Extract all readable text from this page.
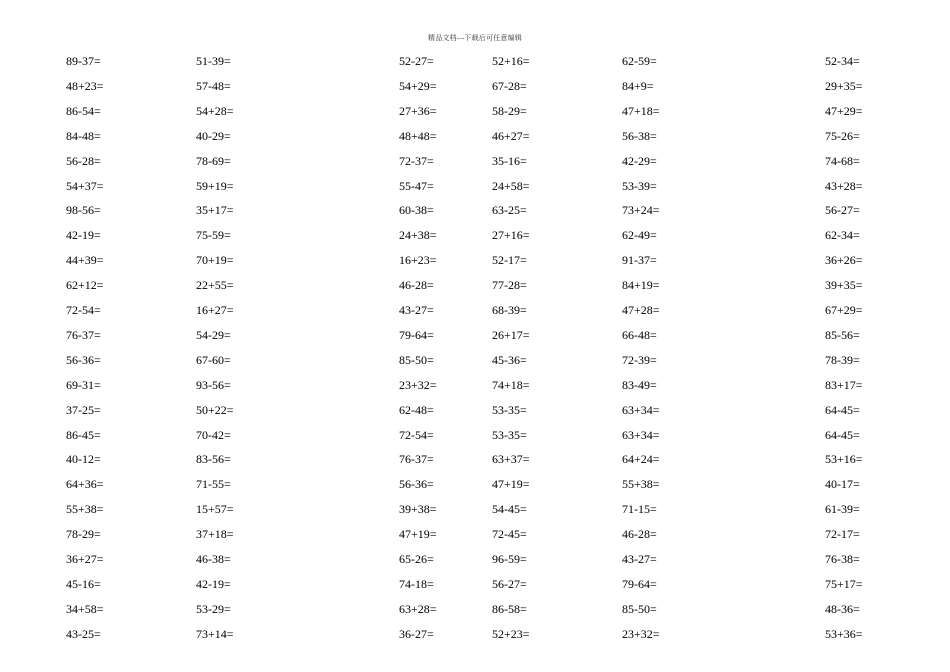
精品文档---下载后可任意编辑
89-37=	51-39=	52-27=	52+16=	62-59=	52-34=
48+23=	57-48=	54+29=	67-28=	84+9=	29+35=
86-54=	54+28=	27+36=	58-29=	47+18=	47+29=
84-48=	40-29=	48+48=	46+27=	56-38=	75-26=
56-28=	78-69=	72-37=	35-16=	42-29=	74-68=
54+37=	59+19=	55-47=	24+58=	53-39=	43+28=
98-56=	35+17=	60-38=	63-25=	73+24=	56-27=
42-19=	75-59=	24+38=	27+16=	62-49=	62-34=
44+39=	70+19=	16+23=	52-17=	91-37=	36+26=
62+12=	22+55=	46-28=	77-28=	84+19=	39+35=
72-54=	16+27=	43-27=	68-39=	47+28=	67+29=
76-37=	54-29=	79-64=	26+17=	66-48=	85-56=
56-36=	67-60=	85-50=	45-36=	72-39=	78-39=
69-31=	93-56=	23+32=	74+18=	83-49=	83+17=
37-25=	50+22=	62-48=	53-35=	63+34=	64-45=
86-45=	70-42=	72-54=	53-35=	63+34=	64-45=
40-12=	83-56=	76-37=	63+37=	64+24=	53+16=
64+36=	71-55=	56-36=	47+19=	55+38=	40-17=
55+38=	15+57=	39+38=	54-45=	71-15=	61-39=
78-29=	37+18=	47+19=	72-45=	46-28=	72-17=
36+27=	46-38=	65-26=	96-59=	43-27=	76-38=
45-16=	42-19=	74-18=	56-27=	79-64=	75+17=
34+58=	53-29=	63+28=	86-58=	85-50=	48-36=
43-25=	73+14=	36-27=	52+23=	23+32=	53+36=
